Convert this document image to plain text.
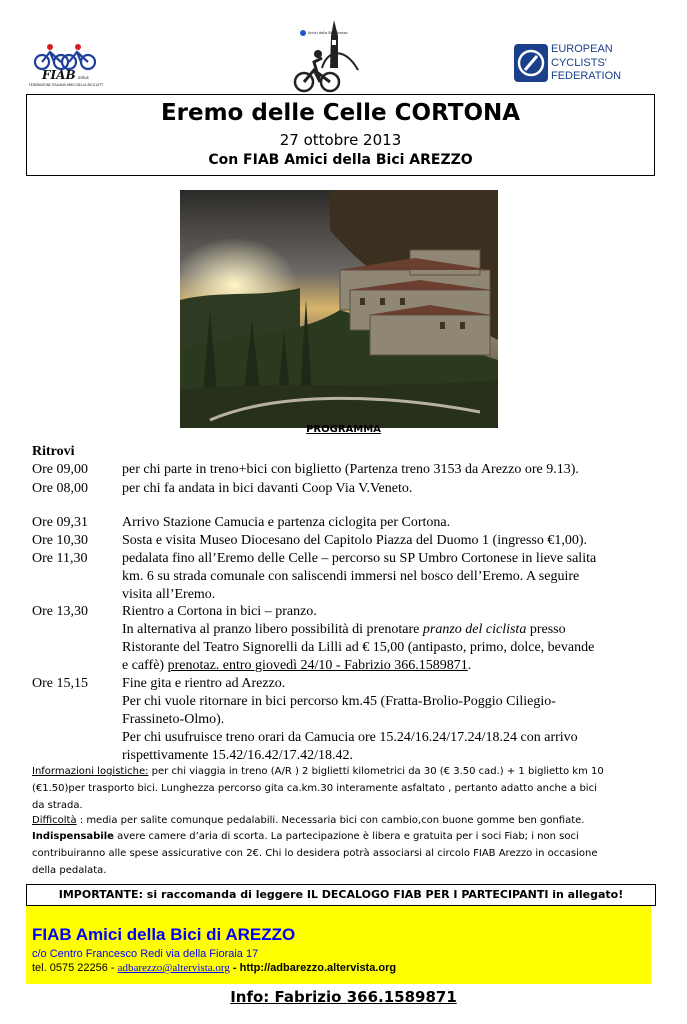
FIAB onlus
FEDERAZIONE ITALIANA AMICI DELLA BICICLETTA
Amici della Bici Arezzo
EUROPEAN
CYCLISTS'
FEDERATION
Eremo delle Celle CORTONA
27 ottobre 2013
Con FIAB Amici della Bici AREZZO
PROGRAMMA
Ritrovi
Ore 09,00 per chi parte in treno+bici con biglietto (Partenza treno 3153 da Arezzo ore 9.13).
Ore 08,00 per chi fa andata in bici davanti Coop Via V.Veneto.
Ore 09,31 Arrivo Stazione Camucia e partenza ciclogita per Cortona.
Ore 10,30 Sosta e visita Museo Diocesano del Capitolo Piazza del Duomo 1 (ingresso €1,00).
Ore 11,30 pedalata fino all’Eremo delle Celle – percorso su SP Umbro Cortonese in lieve salita
km. 6 su strada comunale con saliscendi immersi nel bosco dell’Eremo. A seguire
visita all’Eremo.
Ore 13,30 Rientro a Cortona in bici – pranzo.
In alternativa al pranzo libero possibilità di prenotare pranzo del ciclista presso
Ristorante del Teatro Signorelli da Lilli ad € 15,00 (antipasto, primo, dolce, bevande
e caffè) prenotaz. entro giovedì 24/10 - Fabrizio 366.1589871.
Ore 15,15 Fine gita e rientro ad Arezzo.
Per chi vuole ritornare in bici percorso km.45 (Fratta-Brolio-Poggio Ciliegio-
Frassineto-Olmo).
Per chi usufruisce treno orari da Camucia ore 15.24/16.24/17.24/18.24 con arrivo
rispettivamente 15.42/16.42/17.42/18.42.
Informazioni logistiche: per chi viaggia in treno (A/R ) 2 biglietti kilometrici da 30 (€ 3.50 cad.) + 1 biglietto km 10
(€1.50)per trasporto bici. Lunghezza percorso gita ca.km.30 interamente asfaltato , pertanto adatto anche a bici
da strada.
Difficoltà : media per salite comunque pedalabili. Necessaria bici con cambio,con buone gomme ben gonfiate.
Indispensabile avere camere d’aria di scorta. La partecipazione è libera e gratuita per i soci Fiab; i non soci
contribuiranno alle spese assicurative con 2€. Chi lo desidera potrà associarsi al circolo FIAB Arezzo in occasione
della pedalata.
IMPORTANTE: si raccomanda di leggere IL DECALOGO FIAB PER I PARTECIPANTI in allegato!
FIAB Amici della Bici di AREZZO
c/o Centro Francesco Redi via della Fioraia 17
tel. 0575 22256 - adbarezzo@altervista.org - http://adbarezzo.altervista.org
Info: Fabrizio 366.1589871
